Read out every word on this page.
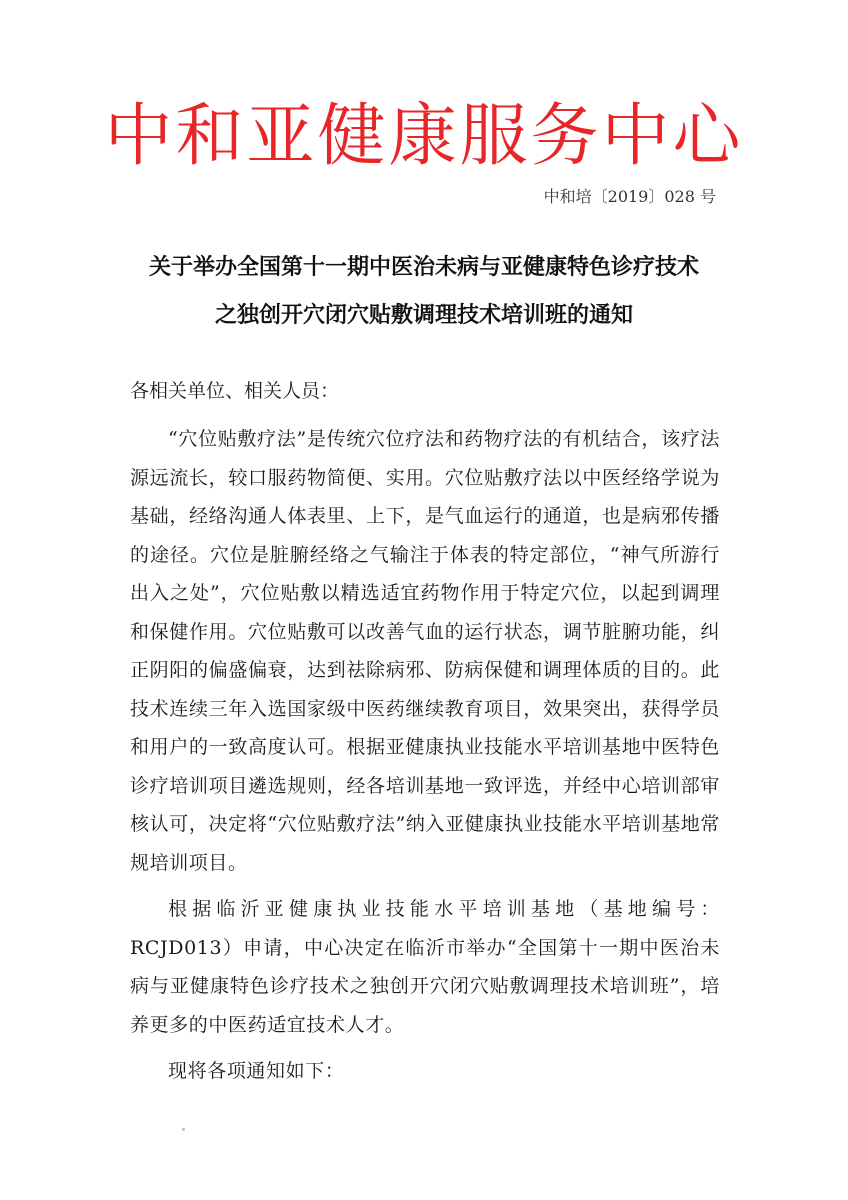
中和亚健康服务中心
中和培〔2019〕028 号
关于举办全国第十一期中医治未病与亚健康特色诊疗技术
之独创开穴闭穴贴敷调理技术培训班的通知
各相关单位、相关人员：

“穴位贴敷疗法”是传统穴位疗法和药物疗法的有机结合，该疗法源远流长，较口服药物简便、实用。穴位贴敷疗法以中医经络学说为基础，经络沟通人体表里、上下，是气血运行的通道，也是病邪传播的途径。穴位是脏腑经络之气输注于体表的特定部位，“神气所游行出入之处”，穴位贴敷以精选适宜药物作用于特定穴位，以起到调理和保健作用。穴位贴敷可以改善气血的运行状态，调节脏腑功能，纠正阴阳的偏盛偏衰，达到祛除病邪、防病保健和调理体质的目的。此技术连续三年入选国家级中医药继续教育项目，效果突出，获得学员和用户的一致高度认可。根据亚健康执业技能水平培训基地中医特色诊疗培训项目遴选规则，经各培训基地一致评选，并经中心培训部审核认可，决定将“穴位贴敷疗法”纳入亚健康执业技能水平培训基地常规培训项目。

根据临沂亚健康执业技能水平培训基地（基地编号：RCJD013）申请，中心决定在临沂市举办“全国第十一期中医治未病与亚健康特色诊疗技术之独创开穴闭穴贴敷调理技术培训班”，培养更多的中医药适宜技术人才。

现将各项通知如下：
